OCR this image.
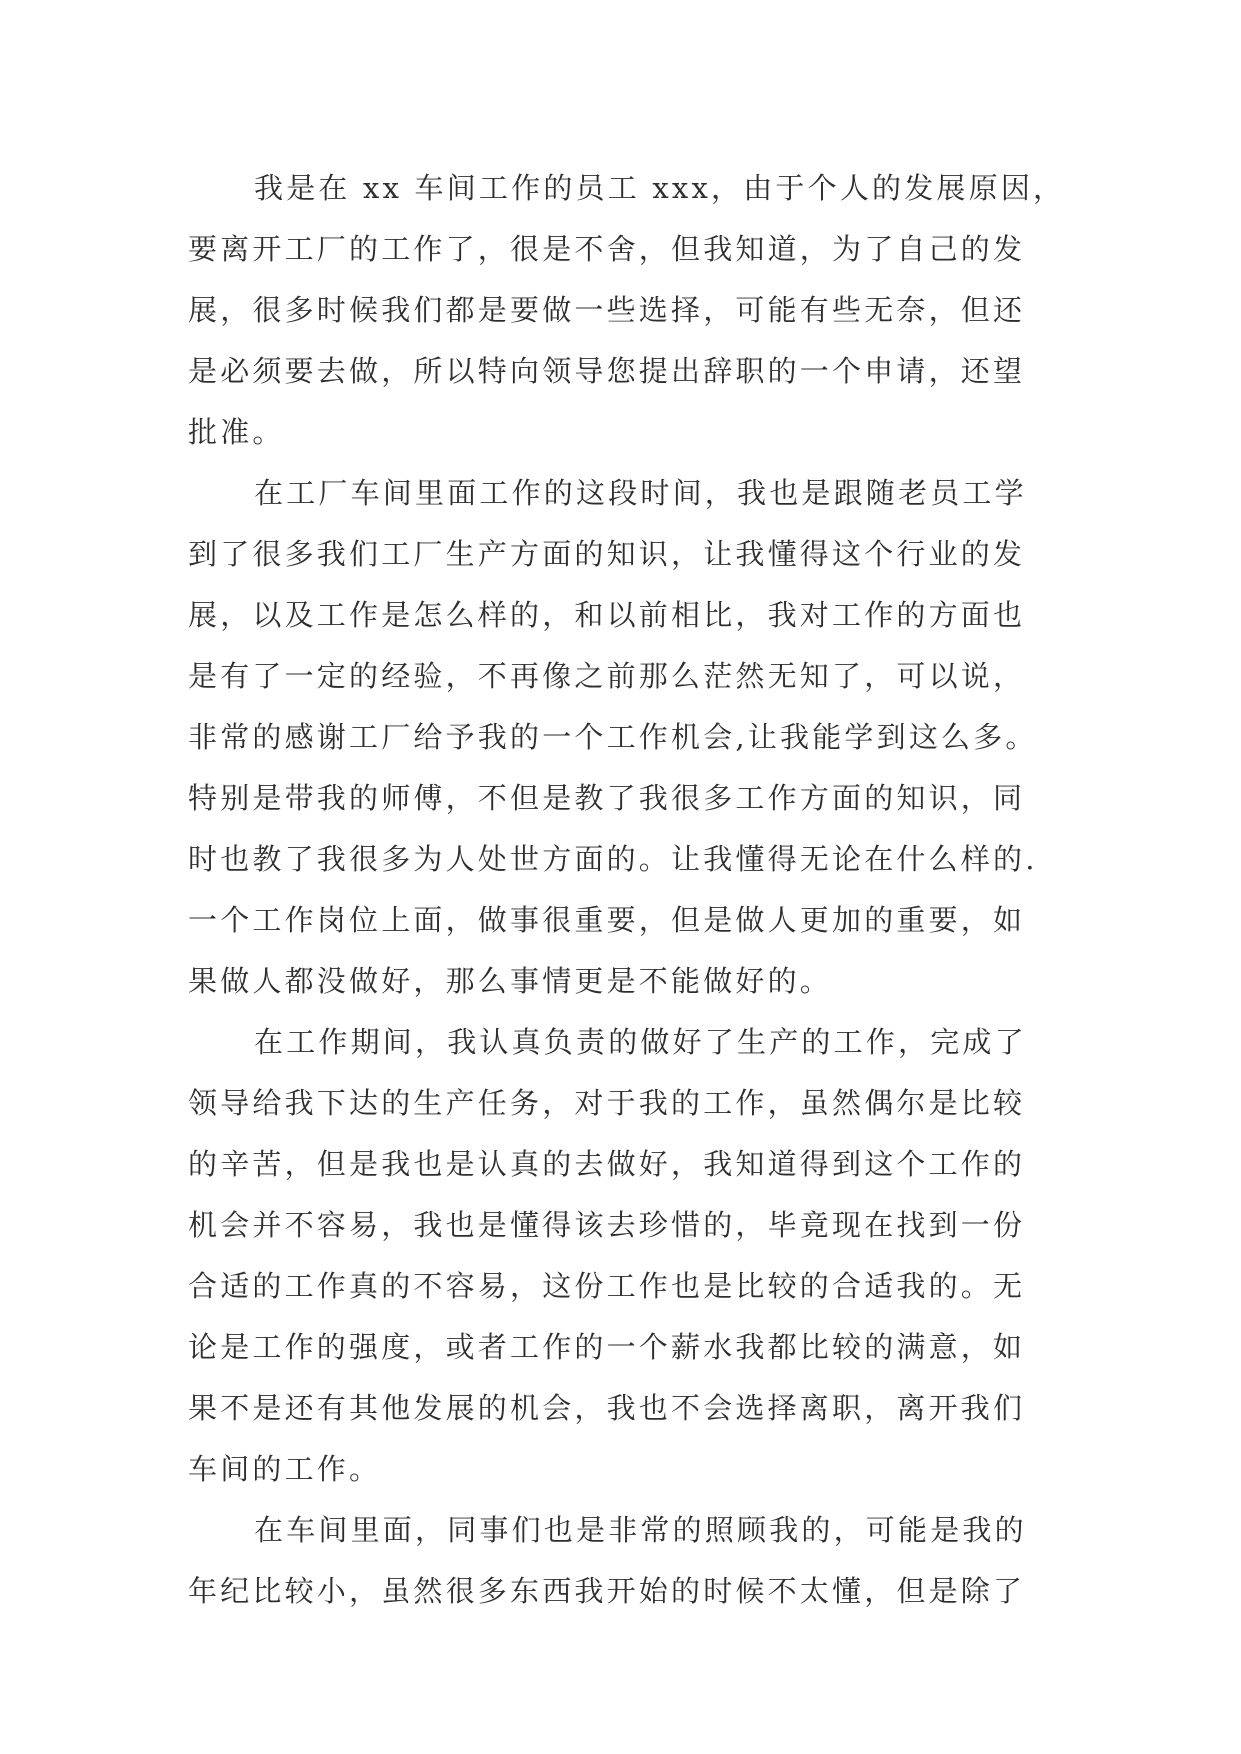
我是在 xx 车间工作的员工 xxx，由于个人的发展原因，
要离开工厂的工作了，很是不舍，但我知道，为了自己的发
展，很多时候我们都是要做一些选择，可能有些无奈，但还
是必须要去做，所以特向领导您提出辞职的一个申请，还望
批准。
在工厂车间里面工作的这段时间，我也是跟随老员工学
到了很多我们工厂生产方面的知识，让我懂得这个行业的发
展，以及工作是怎么样的，和以前相比，我对工作的方面也
是有了一定的经验，不再像之前那么茫然无知了，可以说，
非常的感谢工厂给予我的一个工作机会,让我能学到这么多。
特别是带我的师傅，不但是教了我很多工作方面的知识，同
时也教了我很多为人处世方面的。让我懂得无论在什么样的.
一个工作岗位上面，做事很重要，但是做人更加的重要，如
果做人都没做好，那么事情更是不能做好的。
在工作期间，我认真负责的做好了生产的工作，完成了
领导给我下达的生产任务，对于我的工作，虽然偶尔是比较
的辛苦，但是我也是认真的去做好，我知道得到这个工作的
机会并不容易，我也是懂得该去珍惜的，毕竟现在找到一份
合适的工作真的不容易，这份工作也是比较的合适我的。无
论是工作的强度，或者工作的一个薪水我都比较的满意，如
果不是还有其他发展的机会，我也不会选择离职，离开我们
车间的工作。
在车间里面，同事们也是非常的照顾我的，可能是我的
年纪比较小，虽然很多东西我开始的时候不太懂，但是除了
